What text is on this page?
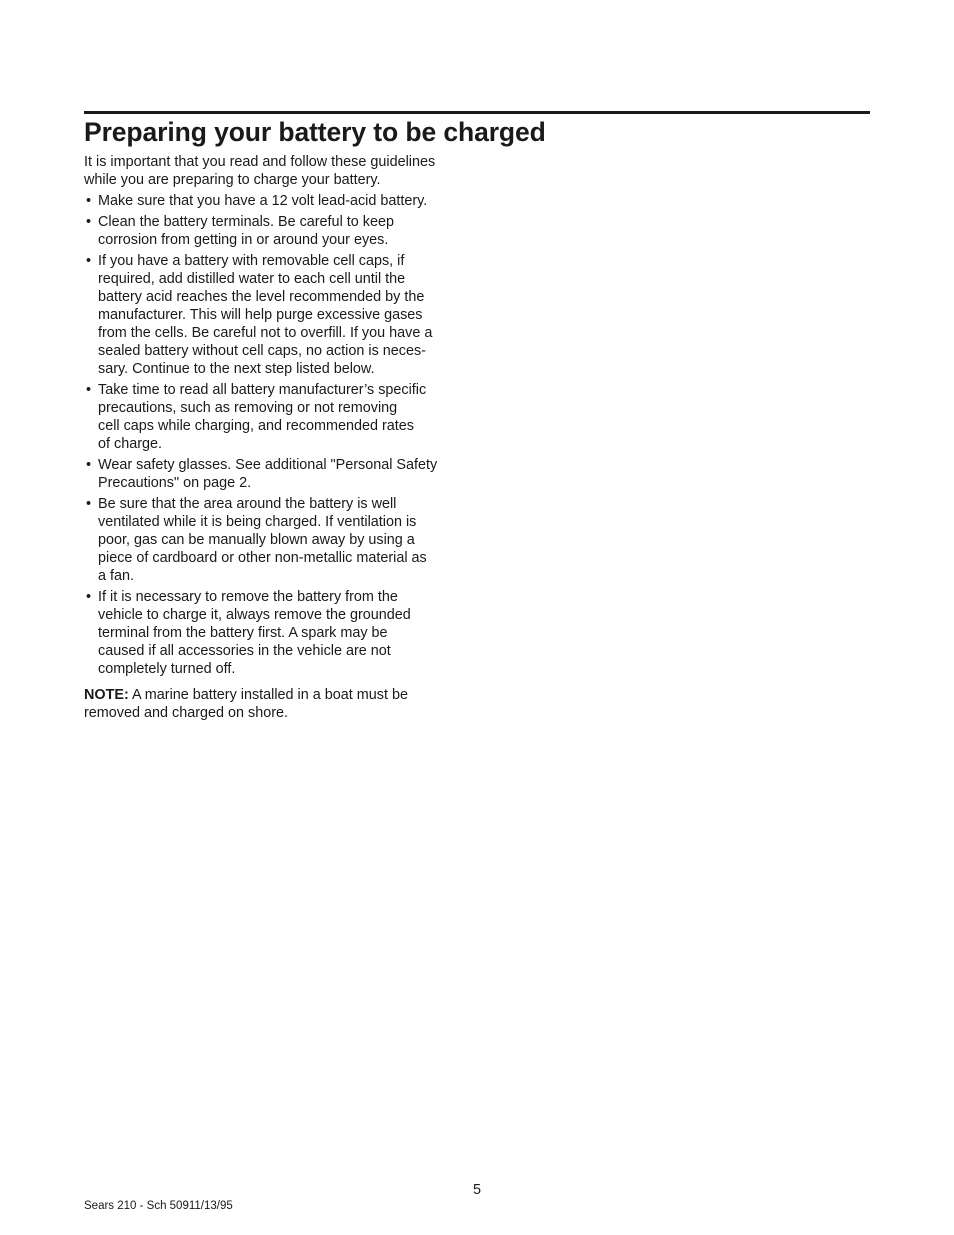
Preparing your battery to be charged

It is important that you read and follow these guidelines
while you are preparing to charge your battery.

• Make sure that you have a 12 volt lead-acid battery.
• Clean the battery terminals. Be careful to keep
corrosion from getting in or around your eyes.
• If you have a battery with removable cell caps, if
required, add distilled water to each cell until the
battery acid reaches the level recommended by the
manufacturer. This will help purge excessive gases
from the cells. Be careful not to overfill. If you have a
sealed battery without cell caps, no action is neces-
sary. Continue to the next step listed below.
• Take time to read all battery manufacturer’s specific
precautions, such as removing or not removing
cell caps while charging, and recommended rates
of charge.
• Wear safety glasses. See additional "Personal Safety
Precautions" on page 2.
• Be sure that the area around the battery is well
ventilated while it is being charged. If ventilation is
poor, gas can be manually blown away by using a
piece of cardboard or other non-metallic material as
a fan.
• If it is necessary to remove the battery from the
vehicle to charge it, always remove the grounded
terminal from the battery first. A spark may be
caused if all accessories in the vehicle are not
completely turned off.

NOTE: A marine battery installed in a boat must be
removed and charged on shore.

5
Sears 210 - Sch 50911/13/95
